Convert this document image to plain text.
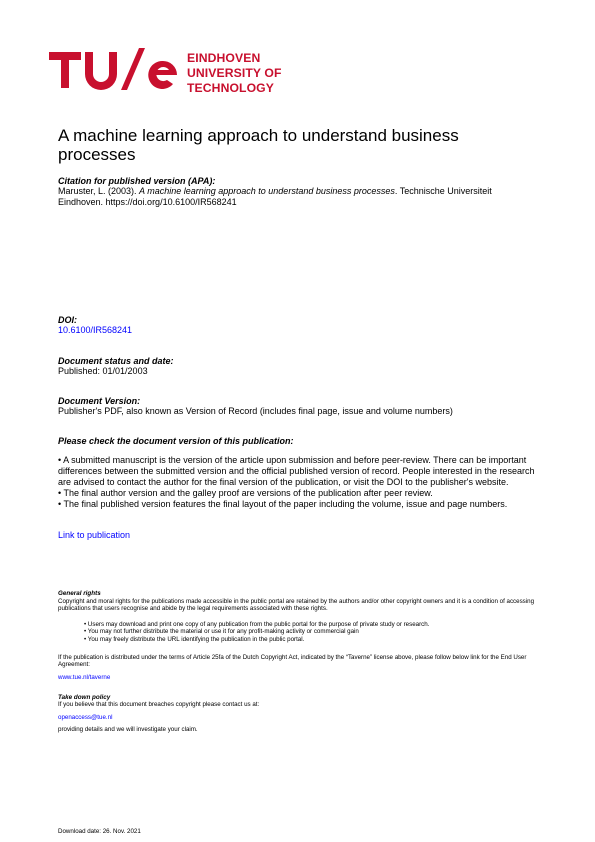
EINDHOVEN
UNIVERSITY OF
TECHNOLOGY
A machine learning approach to understand business processes
Citation for published version (APA):
Maruster, L. (2003). A machine learning approach to understand business processes. Technische Universiteit
Eindhoven. https://doi.org/10.6100/IR568241
DOI:
10.6100/IR568241
Document status and date:
Published: 01/01/2003
Document Version:
Publisher's PDF, also known as Version of Record (includes final page, issue and volume numbers)
Please check the document version of this publication:
• A submitted manuscript is the version of the article upon submission and before peer-review. There can be important differences between the submitted version and the official published version of record. People interested in the research are advised to contact the author for the final version of the publication, or visit the DOI to the publisher's website.
• The final author version and the galley proof are versions of the publication after peer review.
• The final published version features the final layout of the paper including the volume, issue and page numbers.
Link to publication
General rights
Copyright and moral rights for the publications made accessible in the public portal are retained by the authors and/or other copyright owners and it is a condition of accessing publications that users recognise and abide by the legal requirements associated with these rights.
• Users may download and print one copy of any publication from the public portal for the purpose of private study or research.
• You may not further distribute the material or use it for any profit-making activity or commercial gain
• You may freely distribute the URL identifying the publication in the public portal.
If the publication is distributed under the terms of Article 25fa of the Dutch Copyright Act, indicated by the “Taverne” license above, please follow below link for the End User Agreement:
www.tue.nl/taverne
Take down policy
If you believe that this document breaches copyright please contact us at:
openaccess@tue.nl
providing details and we will investigate your claim.
Download date: 26. Nov. 2021
